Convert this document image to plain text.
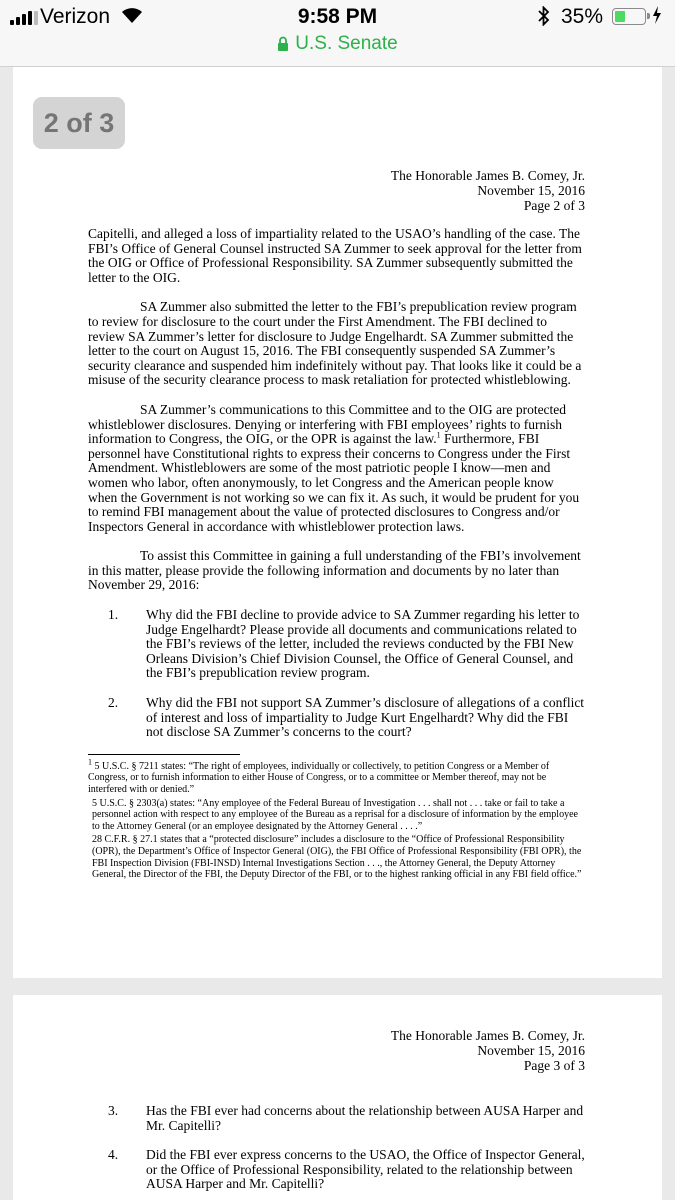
Verizon	9:58 PM	35%
U.S. Senate
2 of 3
The Honorable James B. Comey, Jr.
November 15, 2016
Page 2 of 3

Capitelli, and alleged a loss of impartiality related to the USAO’s handling of the case. The FBI’s Office of General Counsel instructed SA Zummer to seek approval for the letter from the OIG or Office of Professional Responsibility. SA Zummer subsequently submitted the letter to the OIG.

SA Zummer also submitted the letter to the FBI’s prepublication review program to review for disclosure to the court under the First Amendment. The FBI declined to review SA Zummer’s letter for disclosure to Judge Engelhardt. SA Zummer submitted the letter to the court on August 15, 2016. The FBI consequently suspended SA Zummer’s security clearance and suspended him indefinitely without pay. That looks like it could be a misuse of the security clearance process to mask retaliation for protected whistleblowing.

SA Zummer’s communications to this Committee and to the OIG are protected whistleblower disclosures. Denying or interfering with FBI employees’ rights to furnish information to Congress, the OIG, or the OPR is against the law.$^1$ Furthermore, FBI personnel have Constitutional rights to express their concerns to Congress under the First Amendment. Whistleblowers are some of the most patriotic people I know—men and women who labor, often anonymously, to let Congress and the American people know when the Government is not working so we can fix it. As such, it would be prudent for you to remind FBI management about the value of protected disclosures to Congress and/or Inspectors General in accordance with whistleblower protection laws.

To assist this Committee in gaining a full understanding of the FBI’s involvement in this matter, please provide the following information and documents by no later than November 29, 2016:

1. Why did the FBI decline to provide advice to SA Zummer regarding his letter to Judge Engelhardt? Please provide all documents and communications related to the FBI’s reviews of the letter, included the reviews conducted by the FBI New Orleans Division’s Chief Division Counsel, the Office of General Counsel, and the FBI’s prepublication review program.
2. Why did the FBI not support SA Zummer’s disclosure of allegations of a conflict of interest and loss of impartiality to Judge Kurt Engelhardt? Why did the FBI not disclose SA Zummer’s concerns to the court?
$^1$ 5 U.S.C. § 7211 states: “The right of employees, individually or collectively, to petition Congress or a Member of Congress, or to furnish information to either House of Congress, or to a committee or Member thereof, may not be interfered with or denied.”
5 U.S.C. § 2303(a) states: “Any employee of the Federal Bureau of Investigation . . . shall not . . . take or fail to take a personnel action with respect to any employee of the Bureau as a reprisal for a disclosure of information by the employee to the Attorney General (or an employee designated by the Attorney General . . . .”
28 C.F.R. § 27.1 states that a “protected disclosure” includes a disclosure to the “Office of Professional Responsibility (OPR), the Department’s Office of Inspector General (OIG), the FBI Office of Professional Responsibility (FBI OPR), the FBI Inspection Division (FBI-INSD) Internal Investigations Section . . ., the Attorney General, the Deputy Attorney General, the Director of the FBI, the Deputy Director of the FBI, or to the highest ranking official in any FBI field office.”
The Honorable James B. Comey, Jr.
November 15, 2016
Page 3 of 3
3. Has the FBI ever had concerns about the relationship between AUSA Harper and Mr. Capitelli?
4. Did the FBI ever express concerns to the USAO, the Office of Inspector General, or the Office of Professional Responsibility, related to the relationship between AUSA Harper and Mr. Capitelli?
